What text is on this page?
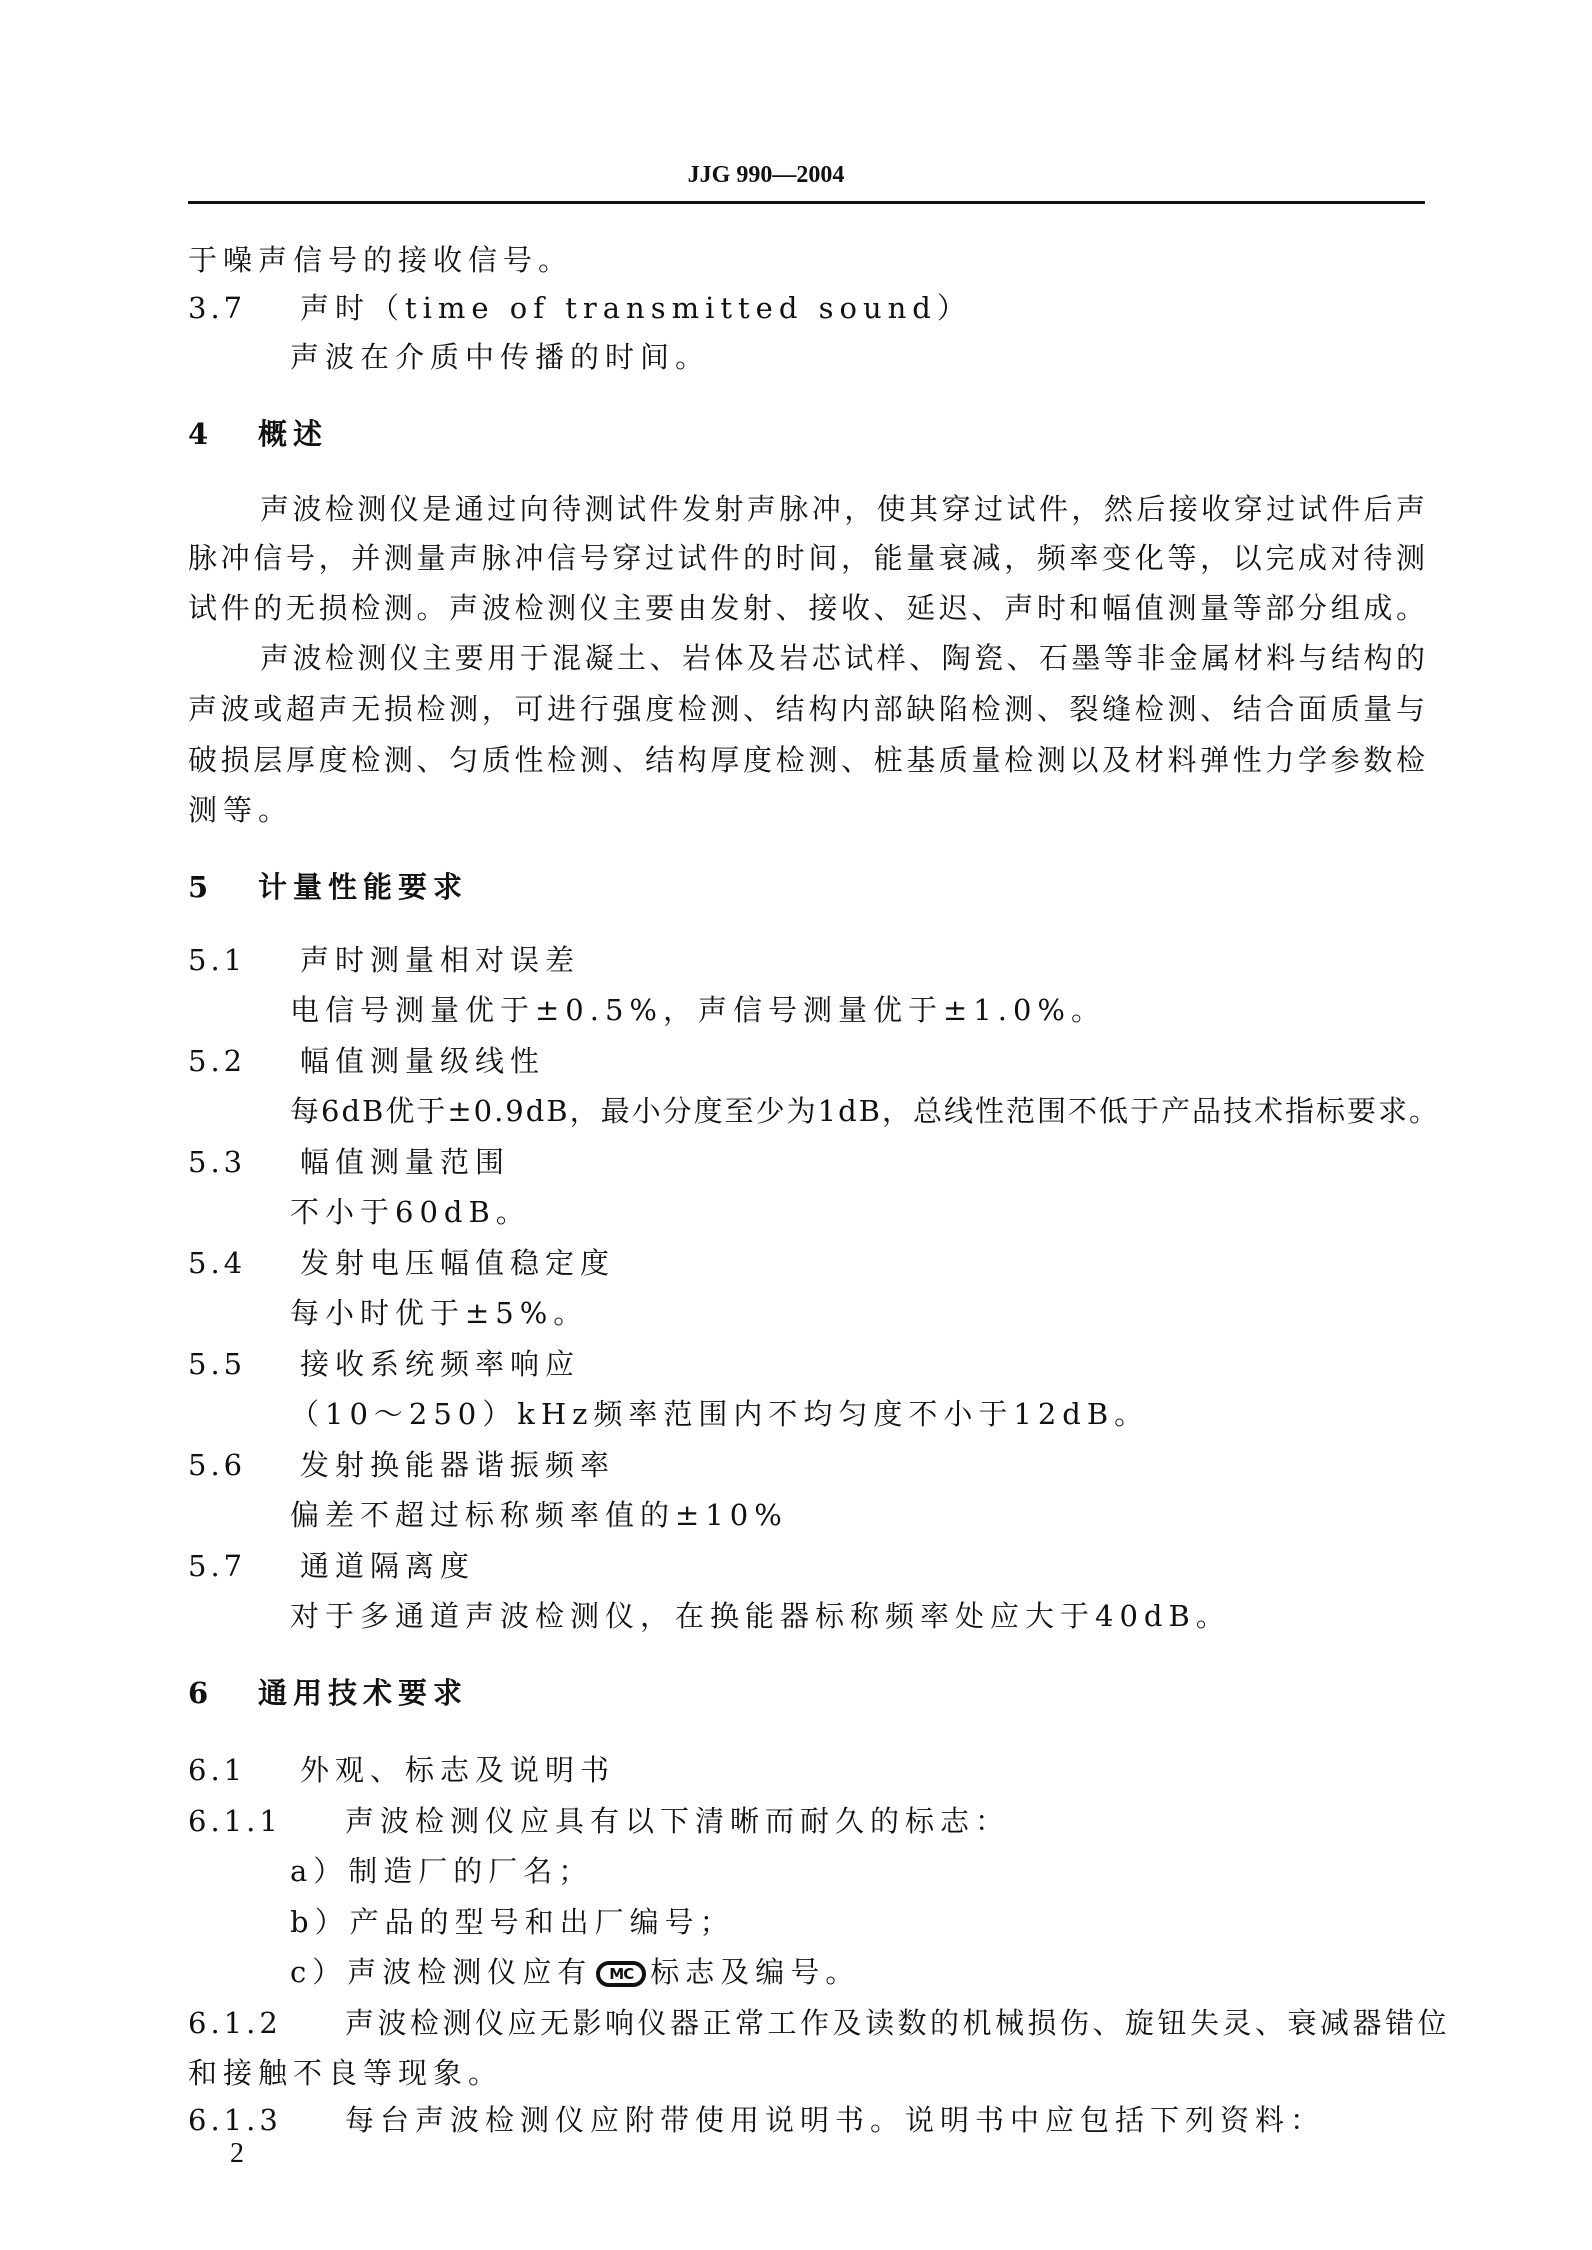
JJG 990—2004
于噪声信号的接收信号。
3.7 声时（time of transmitted sound）
声波在介质中传播的时间。
4 概述
声波检测仪是通过向待测试件发射声脉冲，使其穿过试件，然后接收穿过试件后声
脉冲信号，并测量声脉冲信号穿过试件的时间，能量衰减，频率变化等，以完成对待测
试件的无损检测。声波检测仪主要由发射、接收、延迟、声时和幅值测量等部分组成。
声波检测仪主要用于混凝土、岩体及岩芯试样、陶瓷、石墨等非金属材料与结构的
声波或超声无损检测，可进行强度检测、结构内部缺陷检测、裂缝检测、结合面质量与
破损层厚度检测、匀质性检测、结构厚度检测、桩基质量检测以及材料弹性力学参数检
测等。
5 计量性能要求
5.1 声时测量相对误差
电信号测量优于±0.5%，声信号测量优于±1.0%。
5.2 幅值测量级线性
每6dB优于±0.9dB，最小分度至少为1dB，总线性范围不低于产品技术指标要求。
5.3 幅值测量范围
不小于60dB。
5.4 发射电压幅值稳定度
每小时优于±5%。
5.5 接收系统频率响应
（10～250）kHz频率范围内不均匀度不小于12dB。
5.6 发射换能器谐振频率
偏差不超过标称频率值的±10%
5.7 通道隔离度
对于多通道声波检测仪，在换能器标称频率处应大于40dB。
6 通用技术要求
6.1 外观、标志及说明书
6.1.1 声波检测仪应具有以下清晰而耐久的标志：
a）制造厂的厂名；
b）产品的型号和出厂编号；
c）声波检测仪应有 MC 标志及编号。
6.1.2 声波检测仪应无影响仪器正常工作及读数的机械损伤、旋钮失灵、衰减器错位
和接触不良等现象。
6.1.3 每台声波检测仪应附带使用说明书。说明书中应包括下列资料：
2
